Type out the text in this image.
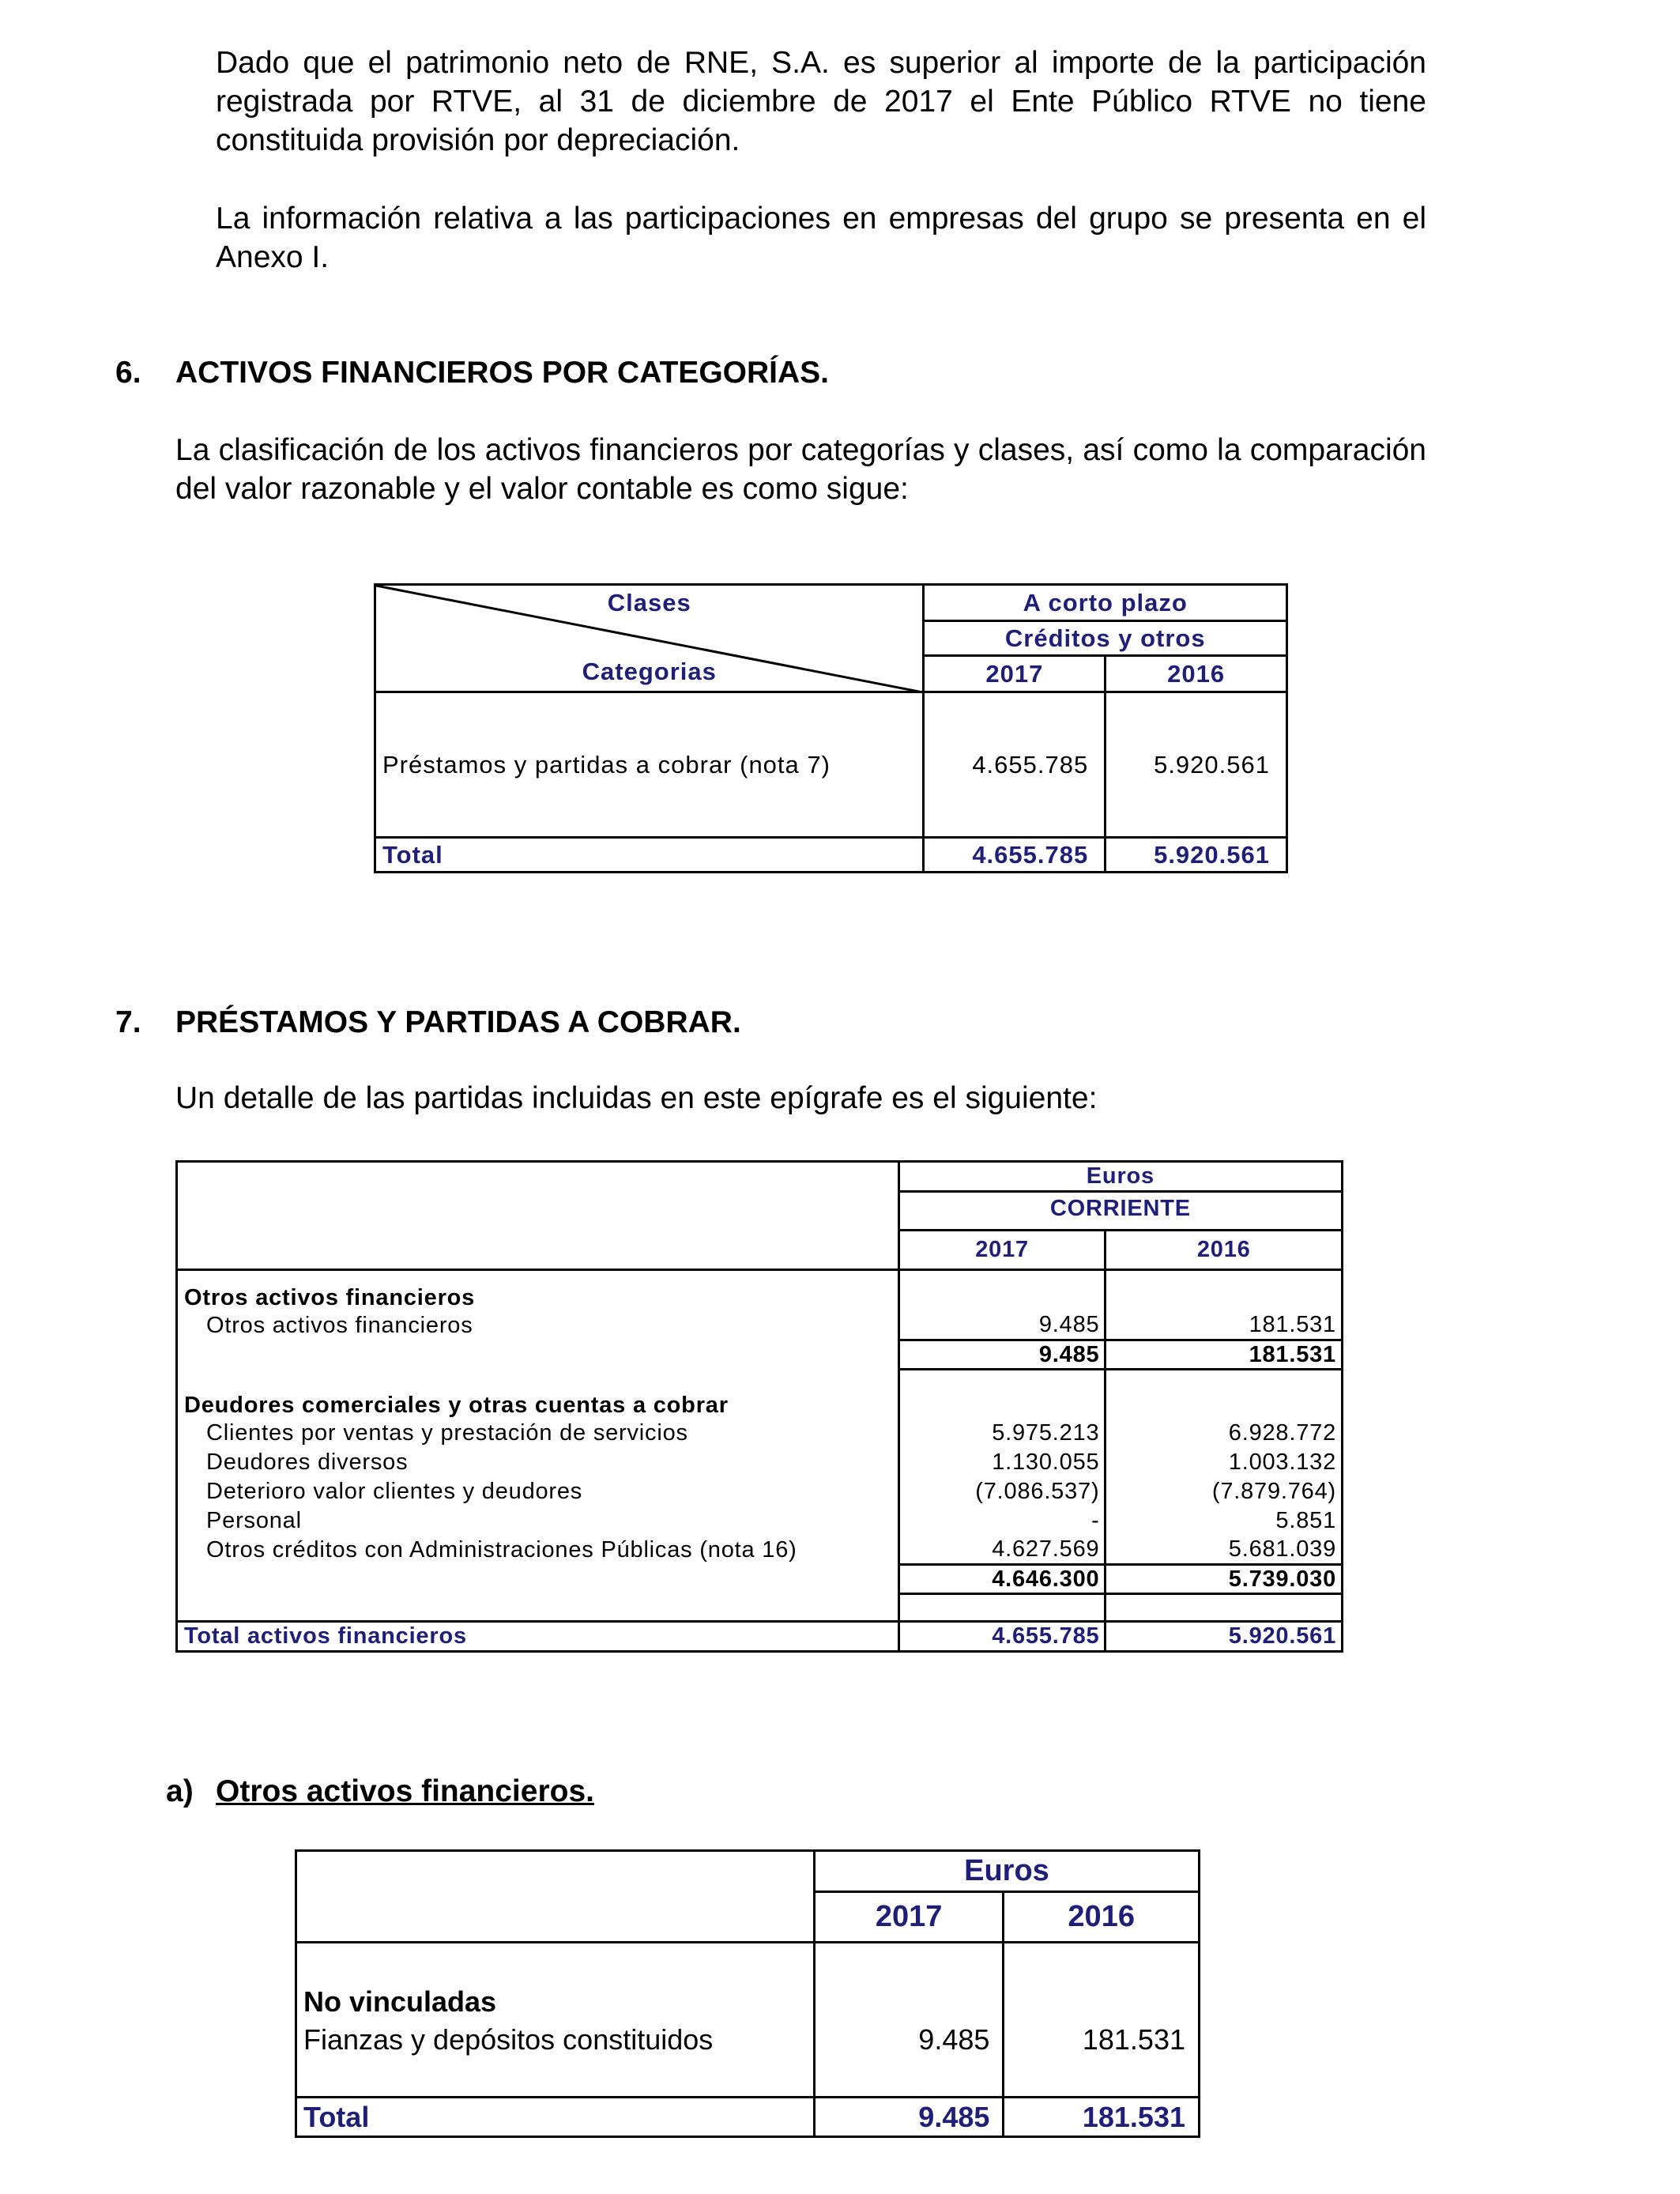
Dado que el patrimonio neto de RNE, S.A. es superior al importe de la participación registrada por RTVE, al 31 de diciembre de 2017 el Ente Público RTVE no tiene constituida provisión por depreciación.
La información relativa a las participaciones en empresas del grupo se presenta en el Anexo I.
6. ACTIVOS FINANCIEROS POR CATEGORÍAS.
La clasificación de los activos financieros por categorías y clases, así como la comparación del valor razonable y el valor contable es como sigue:
Clases
Categorias	A corto plazo	
	Créditos y otros	
	2017	2016
Préstamos y partidas a cobrar (nota 7)	4.655.785	5.920.561
Total	4.655.785	5.920.561
7. PRÉSTAMOS Y PARTIDAS A COBRAR.
Un detalle de las partidas incluidas en este epígrafe es el siguiente:
	Euros	
	CORRIENTE	
	2017	2016
Otros activos financieros		
Otros activos financieros	9.485	181.531
	9.485	181.531
Deudores comerciales y otras cuentas a cobrar		
Clientes por ventas y prestación de servicios	5.975.213	6.928.772
Deudores diversos	1.130.055	1.003.132
Deterioro valor clientes y deudores	(7.086.537)	(7.879.764)
Personal	-	5.851
Otros créditos con Administraciones Públicas (nota 16)	4.627.569	5.681.039
	4.646.300	5.739.030

Total activos financieros	4.655.785	5.920.561
a) Otros activos financieros.
	Euros	
	2017	2016

No vinculadas
Fianzas y depósitos constituidos	9.485	181.531
Total	9.485	181.531
